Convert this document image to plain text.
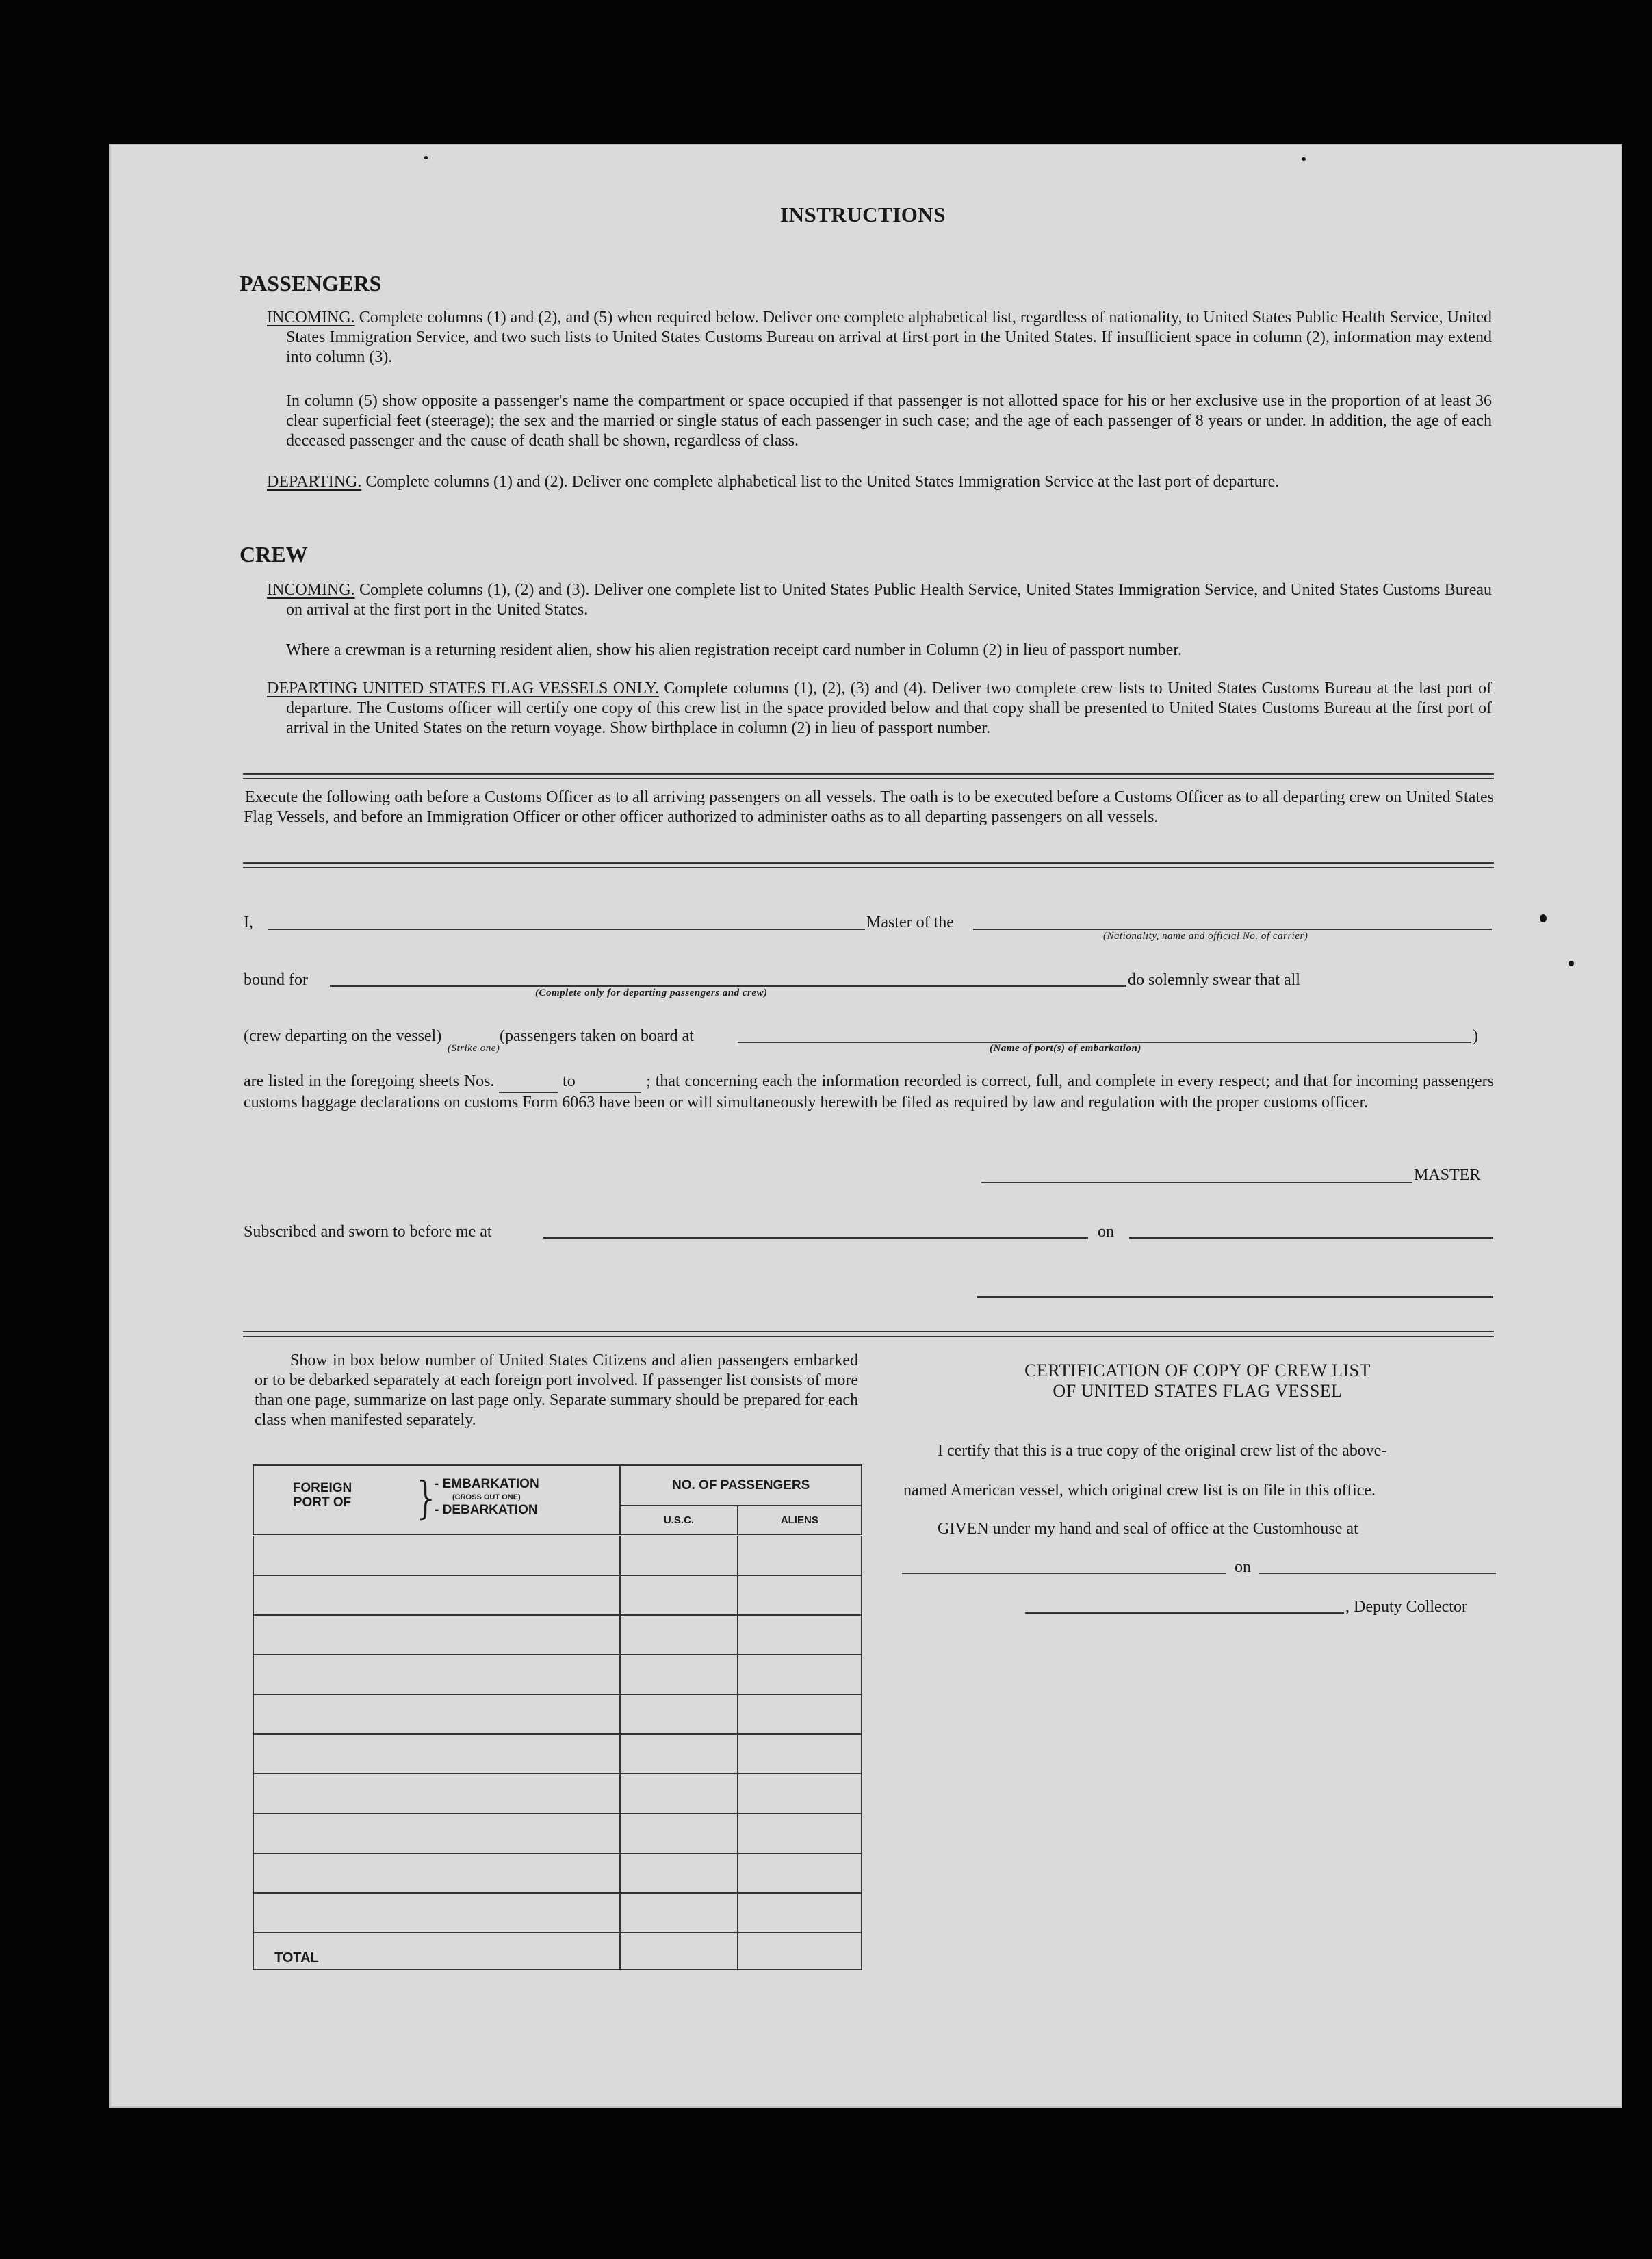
INSTRUCTIONS
PASSENGERS
INCOMING. Complete columns (1) and (2), and (5) when required below. Deliver one complete alphabetical list, regardless of nationality, to United States Public Health Service, United States Immigration Service, and two such lists to United States Customs Bureau on arrival at first port in the United States. If insufficient space in column (2), information may extend into column (3).
In column (5) show opposite a passenger's name the compartment or space occupied if that passenger is not allotted space for his or her exclusive use in the proportion of at least 36 clear superficial feet (steerage); the sex and the married or single status of each passenger in such case; and the age of each passenger of 8 years or under. In addition, the age of each deceased passenger and the cause of death shall be shown, regardless of class.
DEPARTING. Complete columns (1) and (2). Deliver one complete alphabetical list to the United States Immigration Service at the last port of departure.
CREW
INCOMING. Complete columns (1), (2) and (3). Deliver one complete list to United States Public Health Service, United States Immigration Service, and United States Customs Bureau on arrival at the first port in the United States.
Where a crewman is a returning resident alien, show his alien registration receipt card number in Column (2) in lieu of passport number.
DEPARTING UNITED STATES FLAG VESSELS ONLY. Complete columns (1), (2), (3) and (4). Deliver two complete crew lists to United States Customs Bureau at the last port of departure. The Customs officer will certify one copy of this crew list in the space provided below and that copy shall be presented to United States Customs Bureau at the first port of arrival in the United States on the return voyage. Show birthplace in column (2) in lieu of passport number.
Execute the following oath before a Customs Officer as to all arriving passengers on all vessels. The oath is to be executed before a Customs Officer as to all departing crew on United States Flag Vessels, and before an Immigration Officer or other officer authorized to administer oaths as to all departing passengers on all vessels.
I,	Master of the
(Nationality, name and official No. of carrier)
bound for
(Complete only for departing passengers and crew)
do solemnly swear that all
(crew departing on the vessel)	(passengers taken on board at	)
(Strike one)	(Name of port(s) of embarkation)
are listed in the foregoing sheets Nos.	to	; that concerning each the information recorded is correct, full, and complete in every respect; and that for incoming passengers customs baggage declarations on customs Form 6063 have been or will simultaneously herewith be filed as required by law and regulation with the proper customs officer.
MASTER
Subscribed and sworn to before me at	on
Show in box below number of United States Citizens and alien passengers embarked or to be debarked separately at each foreign port involved. If passenger list consists of more than one page, summarize on last page only. Separate summary should be prepared for each class when manifested separately.
FOREIGN PORT OF }
- EMBARKATION
(CROSS OUT ONE)
- DEBARKATION	NO. OF PASSENGERS	
	U.S.C.	ALIENS

TOTAL		
CERTIFICATION OF COPY OF CREW LIST
OF UNITED STATES FLAG VESSEL
I certify that this is a true copy of the original crew list of the above-
named American vessel, which original crew list is on file in this office.
GIVEN under my hand and seal of office at the Customhouse at
on
, Deputy Collector
